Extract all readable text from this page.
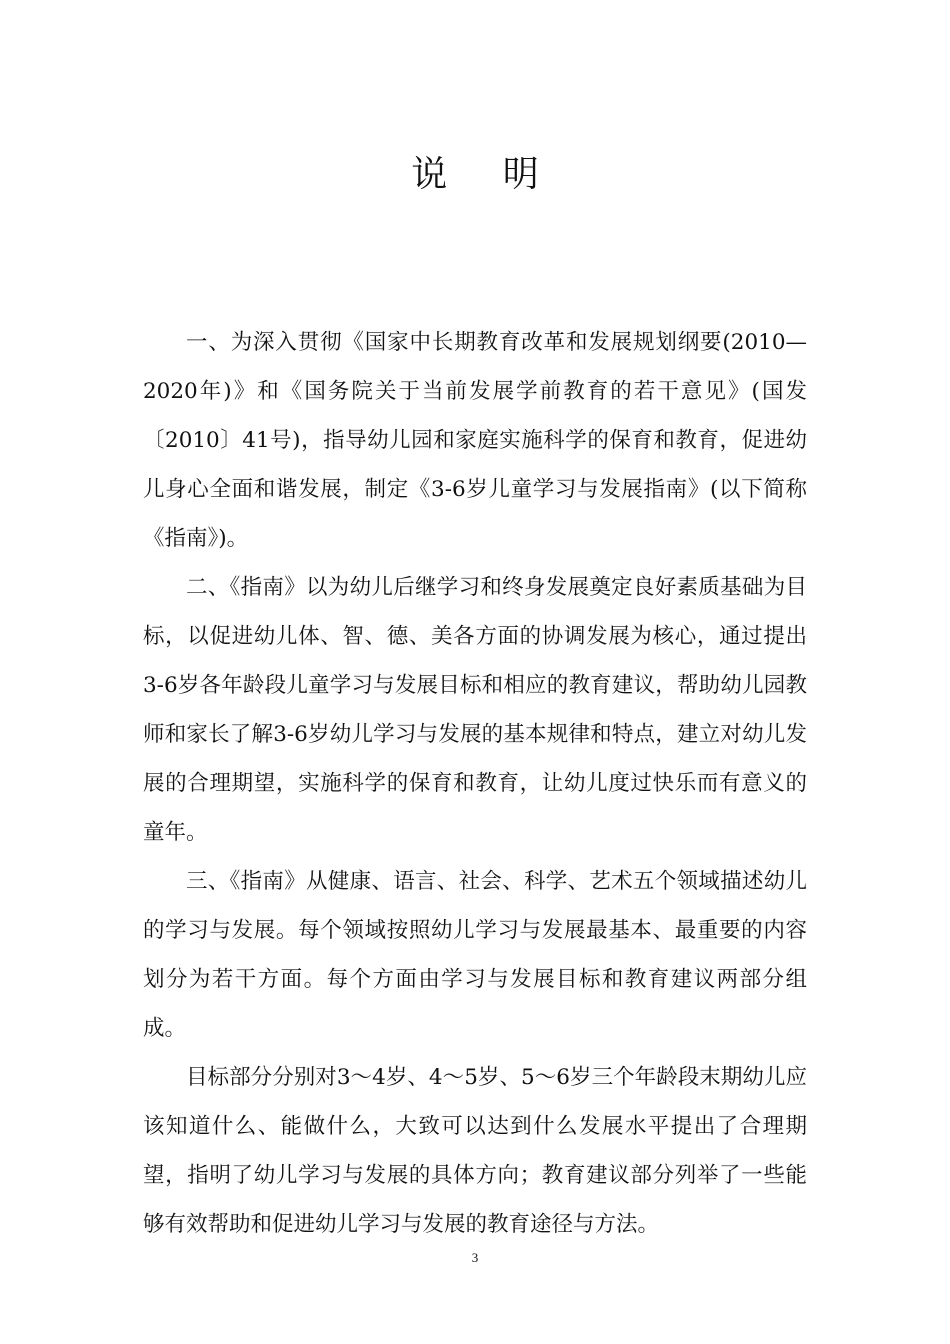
说 明

一、为深入贯彻《国家中长期教育改革和发展规划纲要(2010—2020年)》和《国务院关于当前发展学前教育的若干意见》(国发〔2010〕41号)，指导幼儿园和家庭实施科学的保育和教育，促进幼儿身心全面和谐发展，制定《3-6岁儿童学习与发展指南》(以下简称《指南》)。

二、《指南》以为幼儿后继学习和终身发展奠定良好素质基础为目标，以促进幼儿体、智、德、美各方面的协调发展为核心，通过提出3-6岁各年龄段儿童学习与发展目标和相应的教育建议，帮助幼儿园教师和家长了解3-6岁幼儿学习与发展的基本规律和特点，建立对幼儿发展的合理期望，实施科学的保育和教育，让幼儿度过快乐而有意义的童年。

三、《指南》从健康、语言、社会、科学、艺术五个领域描述幼儿的学习与发展。每个领域按照幼儿学习与发展最基本、最重要的内容划分为若干方面。每个方面由学习与发展目标和教育建议两部分组成。

目标部分分别对3～4岁、4～5岁、5～6岁三个年龄段末期幼儿应该知道什么、能做什么，大致可以达到什么发展水平提出了合理期望，指明了幼儿学习与发展的具体方向；教育建议部分列举了一些能够有效帮助和促进幼儿学习与发展的教育途径与方法。

3
